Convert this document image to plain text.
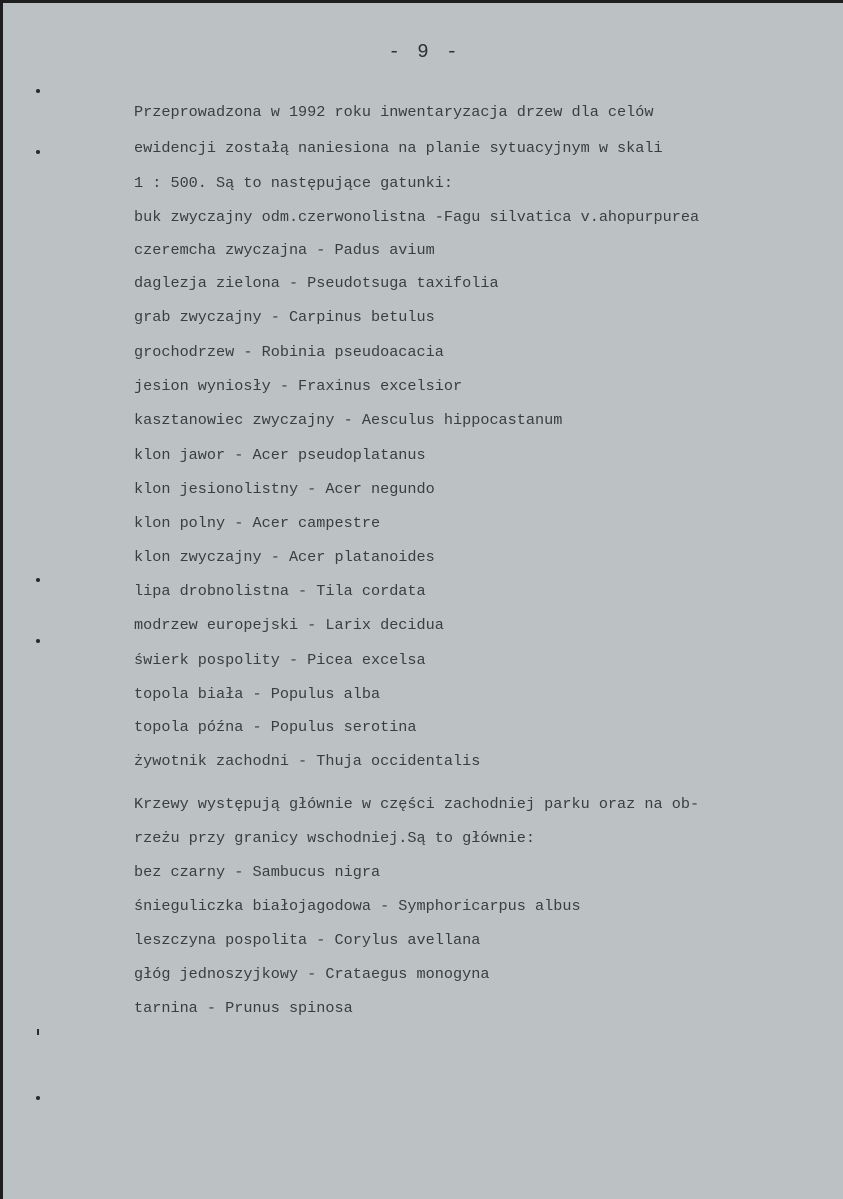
- 9 -
Przeprowadzona w 1992 roku inwentaryzacja drzew dla celów
ewidencji zostałą naniesiona na planie sytuacyjnym w skali
1 : 500. Są to następujące gatunki:
buk zwyczajny odm.czerwonolistna -Fagu silvatica v.ahopurpurea
czeremcha zwyczajna - Padus avium
daglezja zielona - Pseudotsuga taxifolia
grab zwyczajny - Carpinus betulus
grochodrzew - Robinia pseudoacacia
jesion wyniosły - Fraxinus excelsior
kasztanowiec zwyczajny - Aesculus hippocastanum
klon jawor - Acer pseudoplatanus
klon jesionolistny - Acer negundo
klon polny - Acer campestre
klon zwyczajny - Acer platanoides
lipa drobnolistna - Tila cordata
modrzew europejski - Larix decidua
świerk pospolity - Picea excelsa
topola biała - Populus alba
topola późna - Populus serotina
żywotnik zachodni - Thuja occidentalis
Krzewy występują głównie w części zachodniej parku oraz na ob-
rzeżu przy granicy wschodniej.Są to głównie:
bez czarny - Sambucus nigra
śnieguliczka białojagodowa - Symphoricarpus albus
leszczyna pospolita - Corylus avellana
głóg jednoszyjkowy - Crataegus monogyna
tarnina - Prunus spinosa
